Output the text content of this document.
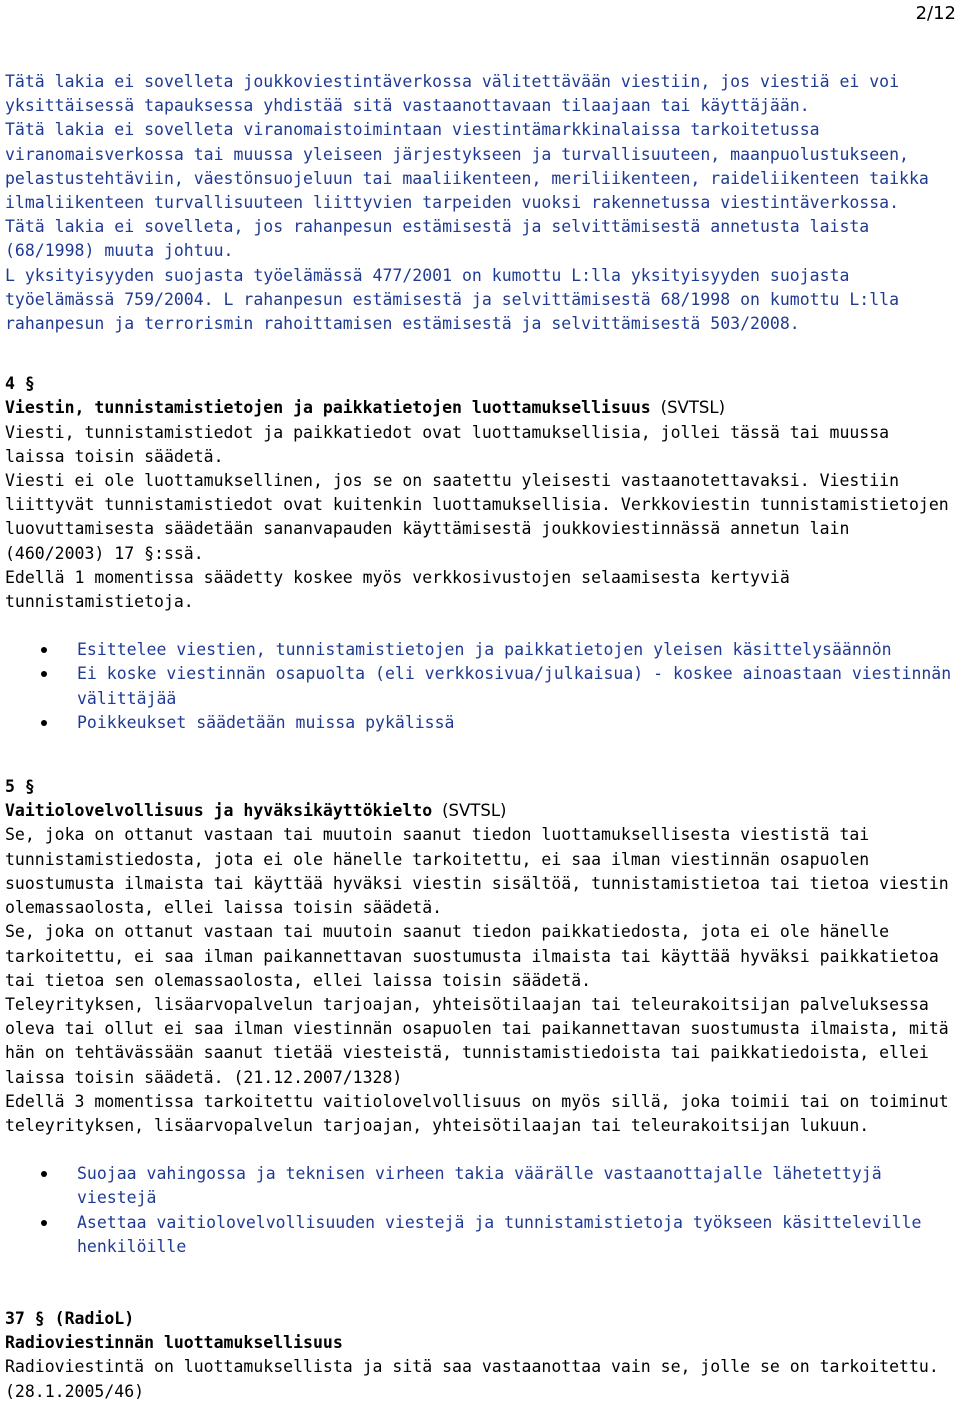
2/12

Tätä lakia ei sovelleta joukkoviestintäverkossa välitettävään viestiin, jos viestiä ei voi yksittäisessä tapauksessa yhdistää sitä vastaanottavaan tilaajaan tai käyttäjään.

Tätä lakia ei sovelleta viranomaistoimintaan viestintämarkkinalaissa tarkoitetussa viranomaisverkossa tai muussa yleiseen järjestykseen ja turvallisuuteen, maanpuolustukseen, pelastustehtäviin, väestönsuojeluun tai maaliikenteen, meriliikenteen, raideliikenteen taikka ilmaliikenteen turvallisuuteen liittyvien tarpeiden vuoksi rakennetussa viestintäverkossa.

Tätä lakia ei sovelleta, jos rahanpesun estämisestä ja selvittämisestä annetusta laista (68/1998) muuta johtuu.

L yksityisyyden suojasta työelämässä 477/2001 on kumottu L:lla yksityisyyden suojasta työelämässä 759/2004. L rahanpesun estämisestä ja selvittämisestä 68/1998 on kumottu L:lla rahanpesun ja terrorismin rahoittamisen estämisestä ja selvittämisestä 503/2008.

4 §

Viestin, tunnistamistietojen ja paikkatietojen luottamuksellisuus (SVTSL)

Viesti, tunnistamistiedot ja paikkatiedot ovat luottamuksellisia, jollei tässä tai muussa laissa toisin säädetä.

Viesti ei ole luottamuksellinen, jos se on saatettu yleisesti vastaanotettavaksi. Viestiin liittyvät tunnistamistiedot ovat kuitenkin luottamuksellisia. Verkkoviestin tunnistamistietojen luovuttamisesta säädetään sananvapauden käyttämisestä joukkoviestinnässä annetun lain (460/2003) 17 §:ssä.

Edellä 1 momentissa säädetty koskee myös verkkosivustojen selaamisesta kertyviä tunnistamistietoja.

Esittelee viestien, tunnistamistietojen ja paikkatietojen yleisen käsittelysäännön
Ei koske viestinnän osapuolta (eli verkkosivua/julkaisua) - koskee ainoastaan viestinnän välittäjää
Poikkeukset säädetään muissa pykälissä

5 §

Vaitiolovelvollisuus ja hyväksikäyttökielto (SVTSL)

Se, joka on ottanut vastaan tai muutoin saanut tiedon luottamuksellisesta viestistä tai tunnistamistiedosta, jota ei ole hänelle tarkoitettu, ei saa ilman viestinnän osapuolen suostumusta ilmaista tai käyttää hyväksi viestin sisältöä, tunnistamistietoa tai tietoa viestin olemassaolosta, ellei laissa toisin säädetä.

Se, joka on ottanut vastaan tai muutoin saanut tiedon paikkatiedosta, jota ei ole hänelle tarkoitettu, ei saa ilman paikannettavan suostumusta ilmaista tai käyttää hyväksi paikkatietoa tai tietoa sen olemassaolosta, ellei laissa toisin säädetä.

Teleyrityksen, lisäarvopalvelun tarjoajan, yhteisötilaajan tai teleurakoitsijan palveluksessa oleva tai ollut ei saa ilman viestinnän osapuolen tai paikannettavan suostumusta ilmaista, mitä hän on tehtävässään saanut tietää viesteistä, tunnistamistiedoista tai paikkatiedoista, ellei laissa toisin säädetä. (21.12.2007/1328)

Edellä 3 momentissa tarkoitettu vaitiolovelvollisuus on myös sillä, joka toimii tai on toiminut teleyrityksen, lisäarvopalvelun tarjoajan, yhteisötilaajan tai teleurakoitsijan lukuun.

Suojaa vahingossa ja teknisen virheen takia väärälle vastaanottajalle lähetettyjä viestejä
Asettaa vaitiolovelvollisuuden viestejä ja tunnistamistietoja työkseen käsitteleville henkilöille

37 § (RadioL)

Radioviestinnän luottamuksellisuus

Radioviestintä on luottamuksellista ja sitä saa vastaanottaa vain se, jolle se on tarkoitettu. (28.1.2005/46)
